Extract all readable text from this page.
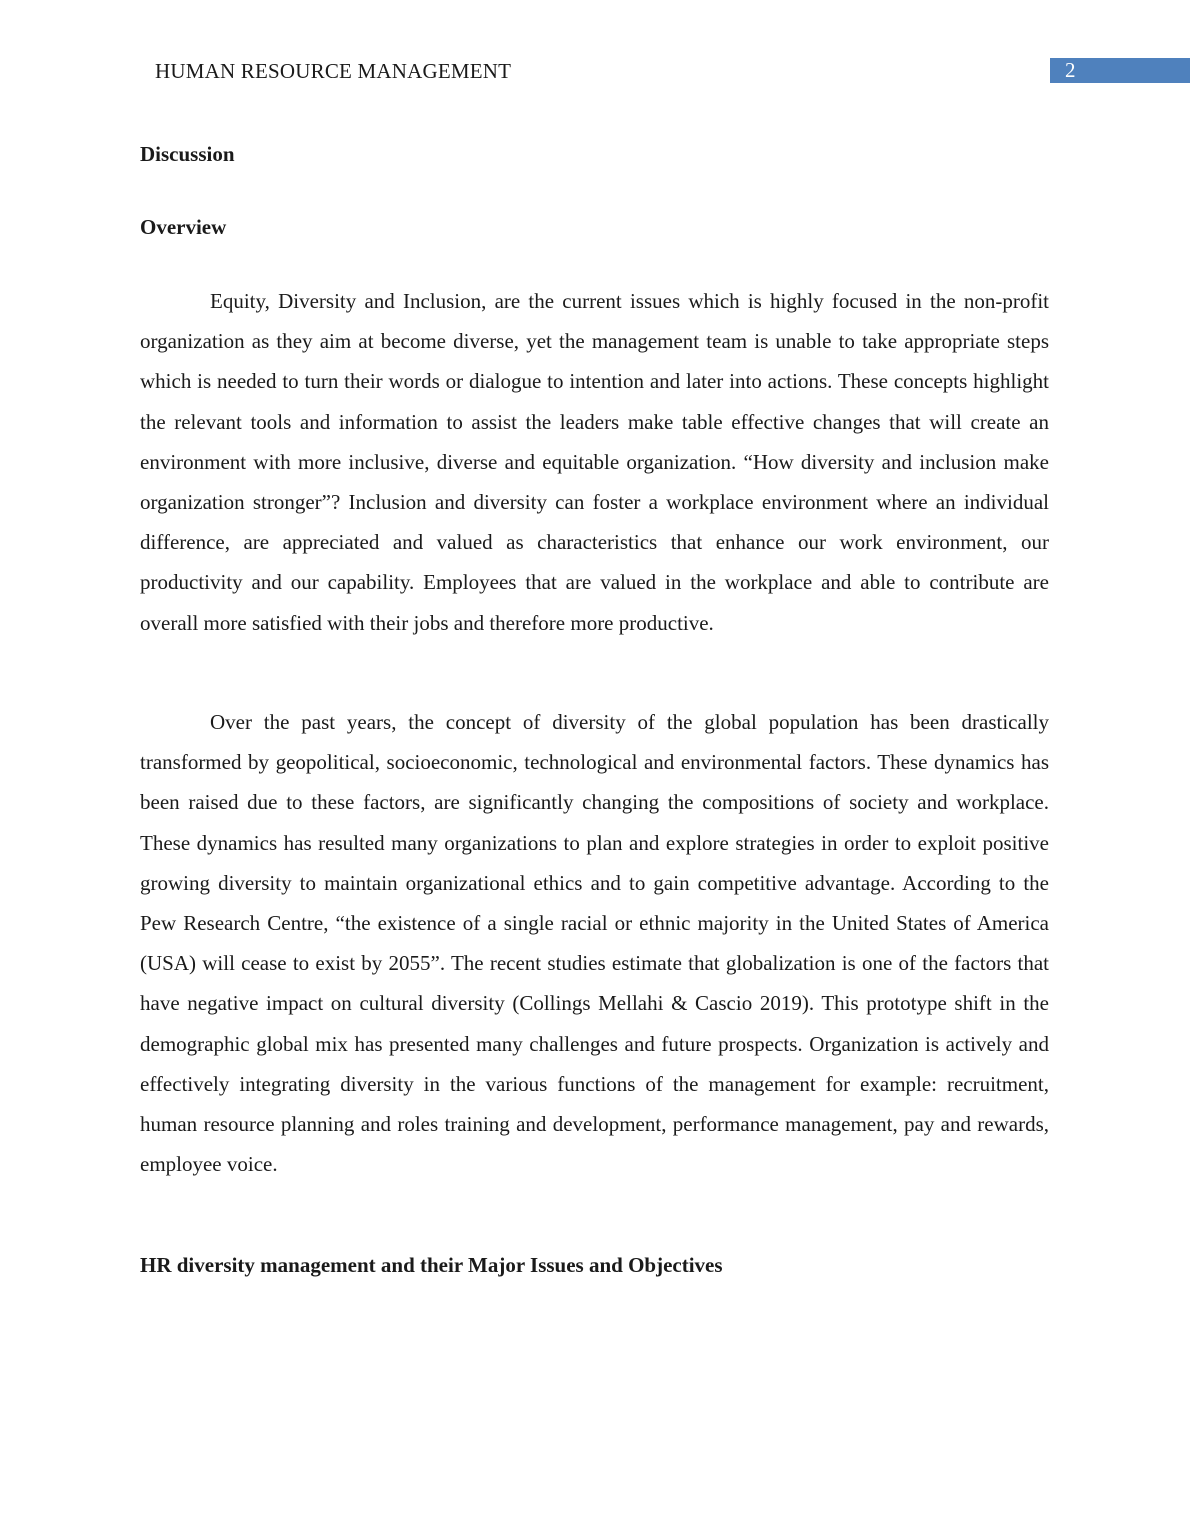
HUMAN RESOURCE MANAGEMENT	2
Discussion
Overview

Equity, Diversity and Inclusion, are the current issues which is highly focused in the non-profit organization as they aim at become diverse, yet the management team is unable to take appropriate steps which is needed to turn their words or dialogue to intention and later into actions. These concepts highlight the relevant tools and information to assist the leaders make table effective changes that will create an environment with more inclusive, diverse and equitable organization. “How diversity and inclusion make organization stronger”? Inclusion and diversity can foster a workplace environment where an individual difference, are appreciated and valued as characteristics that enhance our work environment, our productivity and our capability. Employees that are valued in the workplace and able to contribute are overall more satisfied with their jobs and therefore more productive.

Over the past years, the concept of diversity of the global population has been drastically transformed by geopolitical, socioeconomic, technological and environmental factors. These dynamics has been raised due to these factors, are significantly changing the compositions of society and workplace. These dynamics has resulted many organizations to plan and explore strategies in order to exploit positive growing diversity to maintain organizational ethics and to gain competitive advantage. According to the Pew Research Centre, “the existence of a single racial or ethnic majority in the United States of America (USA) will cease to exist by 2055”. The recent studies estimate that globalization is one of the factors that have negative impact on cultural diversity (Collings Mellahi & Cascio 2019). This prototype shift in the demographic global mix has presented many challenges and future prospects. Organization is actively and effectively integrating diversity in the various functions of the management for example: recruitment, human resource planning and roles training and development, performance management, pay and rewards, employee voice.

HR diversity management and their Major Issues and Objectives
